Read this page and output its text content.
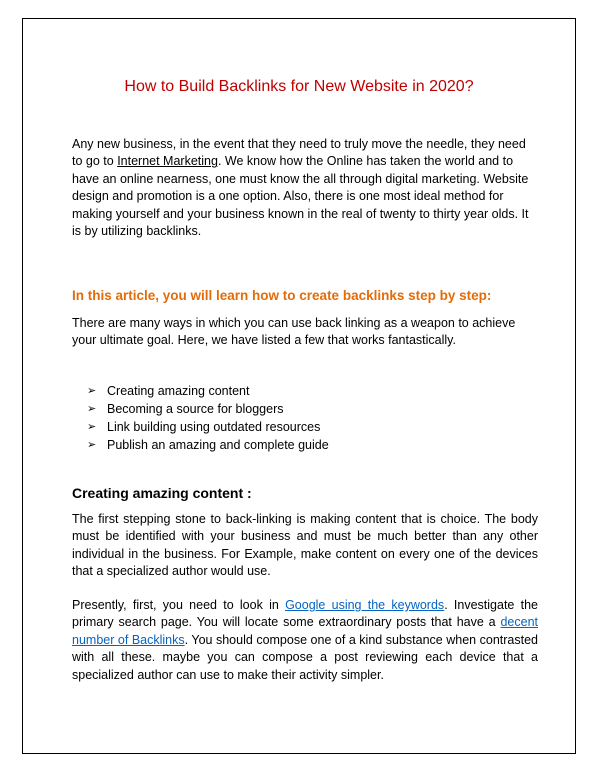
How to Build Backlinks for New Website in 2020?

Any new business, in the event that they need to truly move the needle, they need to go to Internet Marketing. We know how the Online has taken the world and to have an online nearness, one must know the all through digital marketing. Website design and promotion is a one option. Also, there is one most ideal method for making yourself and your business known in the real of twenty to thirty year olds. It is by utilizing backlinks.

In this article, you will learn how to create backlinks step by step:

There are many ways in which you can use back linking as a weapon to achieve your ultimate goal. Here, we have listed a few that works fantastically.

➢ Creating amazing content
➢ Becoming a source for bloggers
➢ Link building using outdated resources
➢ Publish an amazing and complete guide
Creating amazing content :

The first stepping stone to back-linking is making content that is choice. The body must be identified with your business and must be much better than any other individual in the business. For Example, make content on every one of the devices that a specialized author would use.

Presently, first, you need to look in Google using the keywords. Investigate the primary search page. You will locate some extraordinary posts that have a decent number of Backlinks. You should compose one of a kind substance when contrasted with all these. maybe you can compose a post reviewing each device that a specialized author can use to make their activity simpler.
